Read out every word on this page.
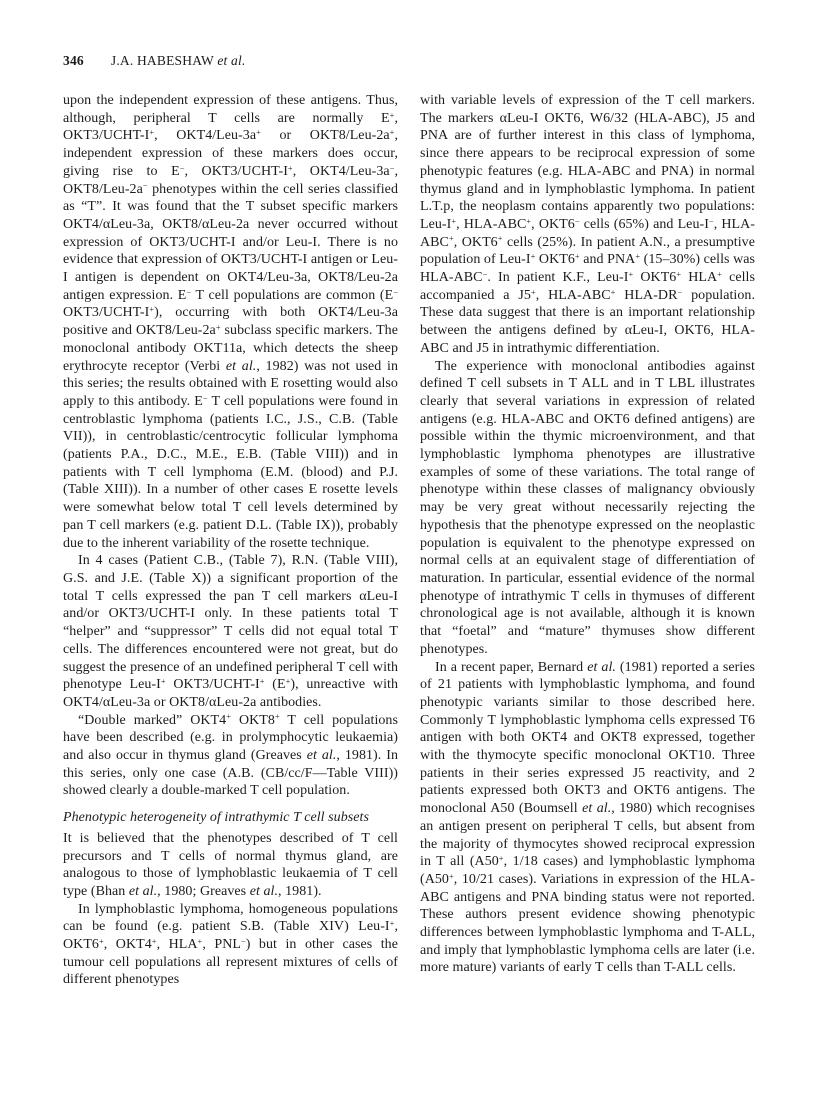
346 J.A. HABESHAW et al.

upon the independent expression of these antigens. Thus, although, peripheral T cells are normally E+, OKT3/UCHT-I+, OKT4/Leu-3a+ or OKT8/Leu-2a+, independent expression of these markers does occur, giving rise to E−, OKT3/UCHT-I+, OKT4/Leu-3a−, OKT8/Leu-2a− phenotypes within the cell series classified as “T”. It was found that the T subset specific markers OKT4/αLeu-3a, OKT8/αLeu-2a never occurred without expression of OKT3/UCHT-I and/or Leu-I. There is no evidence that expression of OKT3/UCHT-I antigen or Leu-I antigen is dependent on OKT4/Leu-3a, OKT8/Leu-2a antigen expression. E− T cell populations are common (E− OKT3/UCHT-I+), occurring with both OKT4/Leu-3a positive and OKT8/Leu-2a+ subclass specific markers. The monoclonal antibody OKT11a, which detects the sheep erythrocyte receptor (Verbi et al., 1982) was not used in this series; the results obtained with E rosetting would also apply to this antibody. E− T cell populations were found in centroblastic lymphoma (patients I.C., J.S., C.B. (Table VII)), in centroblastic/centrocytic follicular lymphoma (patients P.A., D.C., M.E., E.B. (Table VIII)) and in patients with T cell lymphoma (E.M. (blood) and P.J. (Table XIII)). In a number of other cases E rosette levels were somewhat below total T cell levels determined by pan T cell markers (e.g. patient D.L. (Table IX)), probably due to the inherent variability of the rosette technique.

In 4 cases (Patient C.B., (Table 7), R.N. (Table VIII), G.S. and J.E. (Table X)) a significant proportion of the total T cells expressed the pan T cell markers αLeu-I and/or OKT3/UCHT-I only. In these patients total T “helper” and “suppressor” T cells did not equal total T cells. The differences encountered were not great, but do suggest the presence of an undefined peripheral T cell with phenotype Leu-I+ OKT3/UCHT-I+ (E+), unreactive with OKT4/αLeu-3a or OKT8/αLeu-2a antibodies.

“Double marked” OKT4+ OKT8+ T cell populations have been described (e.g. in prolymphocytic leukaemia) and also occur in thymus gland (Greaves et al., 1981). In this series, only one case (A.B. (CB/cc/F—Table VIII)) showed clearly a double-marked T cell population.

Phenotypic heterogeneity of intrathymic T cell subsets

It is believed that the phenotypes described of T cell precursors and T cells of normal thymus gland, are analogous to those of lymphoblastic leukaemia of T cell type (Bhan et al., 1980; Greaves et al., 1981).

In lymphoblastic lymphoma, homogeneous populations can be found (e.g. patient S.B. (Table XIV) Leu-I+, OKT6+, OKT4+, HLA+, PNL−) but in other cases the tumour cell populations all represent mixtures of cells of different phenotypes

with variable levels of expression of the T cell markers. The markers αLeu-I OKT6, W6/32 (HLA-ABC), J5 and PNA are of further interest in this class of lymphoma, since there appears to be reciprocal expression of some phenotypic features (e.g. HLA-ABC and PNA) in normal thymus gland and in lymphoblastic lymphoma. In patient L.T.p, the neoplasm contains apparently two populations: Leu-I+, HLA-ABC+, OKT6− cells (65%) and Leu-I−, HLA-ABC+, OKT6+ cells (25%). In patient A.N., a presumptive population of Leu-I+ OKT6+ and PNA+ (15–30%) cells was HLA-ABC−. In patient K.F., Leu-I+ OKT6+ HLA+ cells accompanied a J5+, HLA-ABC+ HLA-DR− population. These data suggest that there is an important relationship between the antigens defined by αLeu-I, OKT6, HLA-ABC and J5 in intrathymic differentiation.

The experience with monoclonal antibodies against defined T cell subsets in T ALL and in T LBL illustrates clearly that several variations in expression of related antigens (e.g. HLA-ABC and OKT6 defined antigens) are possible within the thymic microenvironment, and that lymphoblastic lymphoma phenotypes are illustrative examples of some of these variations. The total range of phenotype within these classes of malignancy obviously may be very great without necessarily rejecting the hypothesis that the phenotype expressed on the neoplastic population is equivalent to the phenotype expressed on normal cells at an equivalent stage of differentiation of maturation. In particular, essential evidence of the normal phenotype of intrathymic T cells in thymuses of different chronological age is not available, although it is known that “foetal” and “mature” thymuses show different phenotypes.

In a recent paper, Bernard et al. (1981) reported a series of 21 patients with lymphoblastic lymphoma, and found phenotypic variants similar to those described here. Commonly T lymphoblastic lymphoma cells expressed T6 antigen with both OKT4 and OKT8 expressed, together with the thymocyte specific monoclonal OKT10. Three patients in their series expressed J5 reactivity, and 2 patients expressed both OKT3 and OKT6 antigens. The monoclonal A50 (Boumsell et al., 1980) which recognises an antigen present on peripheral T cells, but absent from the majority of thymocytes showed reciprocal expression in T all (A50+, 1/18 cases) and lymphoblastic lymphoma (A50+, 10/21 cases). Variations in expression of the HLA-ABC antigens and PNA binding status were not reported. These authors present evidence showing phenotypic differences between lymphoblastic lymphoma and T-ALL, and imply that lymphoblastic lymphoma cells are later (i.e. more mature) variants of early T cells than T-ALL cells.
